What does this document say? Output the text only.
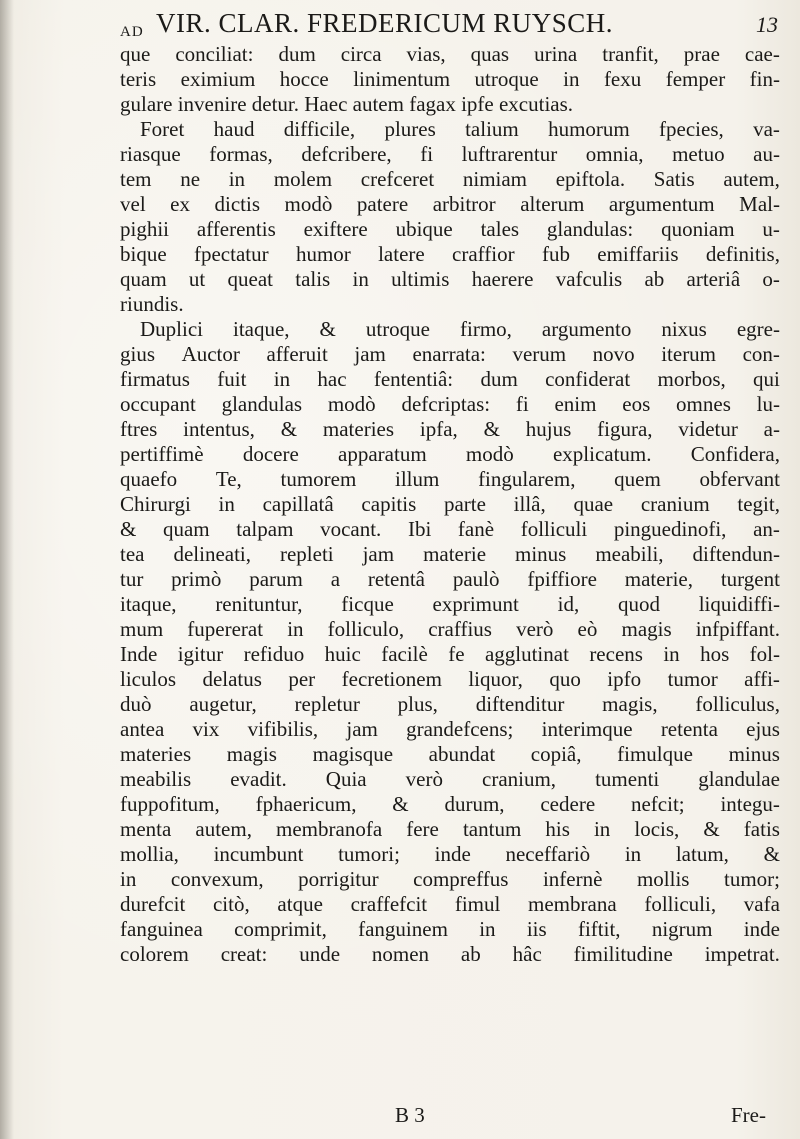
AD VIR. CLAR. FREDERICUM RUYSCH.	13
que conciliat: dum circa vias, quas urina tranfit, prae cae-
teris eximium hocce linimentum utroque in fexu femper fin-
gulare invenire detur. Haec autem fagax ipfe excutias.
Foret haud difficile, plures talium humorum fpecies, va-
riasque formas, defcribere, fi luftrarentur omnia, metuo au-
tem ne in molem crefceret nimiam epiftola. Satis autem,
vel ex dictis modò patere arbitror alterum argumentum Mal-
pighii afferentis exiftere ubique tales glandulas: quoniam u-
bique fpectatur humor latere craffior fub emiffariis definitis,
quam ut queat talis in ultimis haerere vafculis ab arteriâ o-
riundis.
Duplici itaque, & utroque firmo, argumento nixus egre-
gius Auctor afferuit jam enarrata: verum novo iterum con-
firmatus fuit in hac fententiâ: dum confiderat morbos, qui
occupant glandulas modò defcriptas: fi enim eos omnes lu-
ftres intentus, & materies ipfa, & hujus figura, videtur a-
pertiffimè docere apparatum modò explicatum. Confidera,
quaefo Te, tumorem illum fingularem, quem obfervant
Chirurgi in capillatâ capitis parte illâ, quae cranium tegit,
& quam talpam vocant. Ibi fanè folliculi pinguedinofi, an-
tea delineati, repleti jam materie minus meabili, diftendun-
tur primò parum a retentâ paulò fpiffiore materie, turgent
itaque, renituntur, ficque exprimunt id, quod liquidiffi-
mum fupererat in folliculo, craffius verò eò magis infpiffant.
Inde igitur refiduo huic facilè fe agglutinat recens in hos fol-
liculos delatus per fecretionem liquor, quo ipfo tumor affi-
duò augetur, repletur plus, diftenditur magis, folliculus,
antea vix vifibilis, jam grandefcens; interimque retenta ejus
materies magis magisque abundat copiâ, fimulque minus
meabilis evadit. Quia verò cranium, tumenti glandulae
fuppofitum, fphaericum, & durum, cedere nefcit; integu-
menta autem, membranofa fere tantum his in locis, & fatis
mollia, incumbunt tumori; inde neceffariò in latum, &
in convexum, porrigitur compreffus infernè mollis tumor;
durefcit citò, atque craffefcit fimul membrana folliculi, vafa
fanguinea comprimit, fanguinem in iis fiftit, nigrum inde
colorem creat: unde nomen ab hâc fimilitudine impetrat.
B 3	Fre-
